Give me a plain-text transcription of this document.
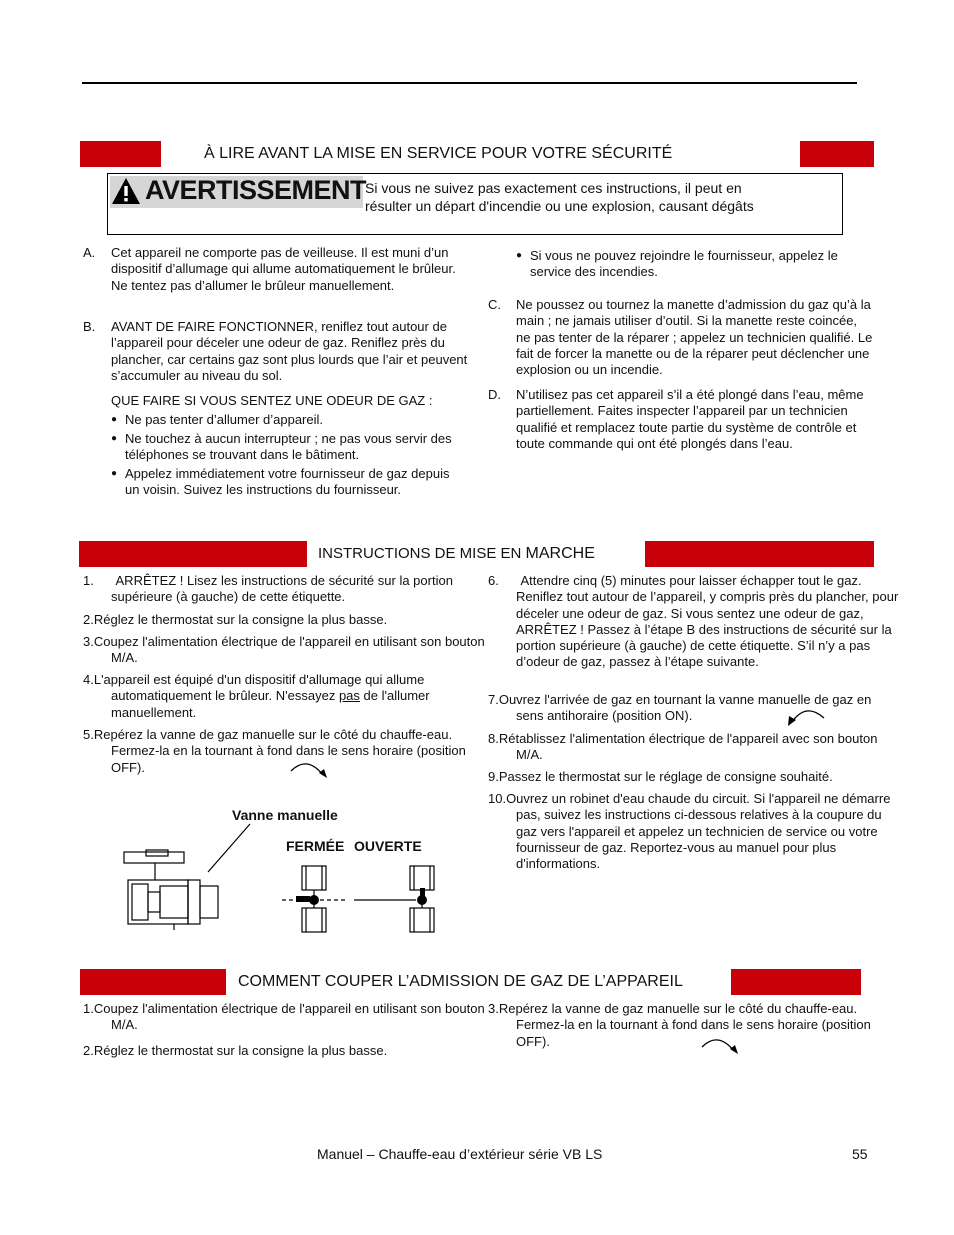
À LIRE AVANT LA MISE EN SERVICE POUR VOTRE SÉCURITÉ
AVERTISSEMENT
Si vous ne suivez pas exactement ces instructions, il peut en
résulter un départ d'incendie ou une explosion, causant dégâts
A. Cet appareil ne comporte pas de veilleuse. Il est muni d’un dispositif d’allumage qui allume automatiquement le brûleur. Ne tentez pas d’allumer le brûleur manuellement.
B. AVANT DE FAIRE FONCTIONNER, reniflez tout autour de l’appareil pour déceler une odeur de gaz. Reniflez près du plancher, car certains gaz sont plus lourds que l’air et peuvent s’accumuler au niveau du sol.
QUE FAIRE SI VOUS SENTEZ UNE ODEUR DE GAZ :
● Ne pas tenter d’allumer d’appareil.
● Ne touchez à aucun interrupteur ; ne pas vous servir des téléphones se trouvant dans le bâtiment.
● Appelez immédiatement votre fournisseur de gaz depuis un voisin. Suivez les instructions du fournisseur.
● Si vous ne pouvez rejoindre le fournisseur, appelez le service des incendies.
C. Ne poussez ou tournez la manette d’admission du gaz qu’à la main ; ne jamais utiliser d’outil. Si la manette reste coincée, ne pas tenter de la réparer ; appelez un technicien qualifié. Le fait de forcer la manette ou de la réparer peut déclencher une explosion ou un incendie.
D. N’utilisez pas cet appareil s’il a été plongé dans l’eau, même partiellement. Faites inspecter l’appareil par un technicien qualifié et remplacez toute partie du système de contrôle et toute commande qui ont été plongés dans l’eau.
INSTRUCTIONS DE MISE EN MARCHE
1.      ARRÊTEZ ! Lisez les instructions de sécurité sur la portion supérieure (à gauche) de cette étiquette.
2.Réglez le thermostat sur la consigne la plus basse.
3.Coupez l'alimentation électrique de l'appareil en utilisant son bouton M/A.
4.L'appareil est équipé d'un dispositif d'allumage qui allume automatiquement le brûleur. N'essayez pas de l'allumer manuellement.
5.Repérez la vanne de gaz manuelle sur le côté du chauffe-eau. Fermez-la en la tournant à fond dans le sens horaire (position OFF).
6.      Attendre cinq (5) minutes pour laisser échapper tout le gaz. Reniflez tout autour de l’appareil, y compris près du plancher, pour déceler une odeur de gaz. Si vous sentez une odeur de gaz, ARRÊTEZ ! Passez à l’étape B des instructions de sécurité sur la portion supérieure (à gauche) de cette étiquette. S’il n’y a pas d’odeur de gaz, passez à l’étape suivante.
7.Ouvrez l'arrivée de gaz en tournant la vanne manuelle de gaz en sens antihoraire (position ON).
8.Rétablissez l'alimentation électrique de l'appareil avec son bouton M/A.
9.Passez le thermostat sur le réglage de consigne souhaité.
10.Ouvrez un robinet d'eau chaude du circuit. Si l'appareil ne démarre pas, suivez les instructions ci-dessous relatives à la coupure du gaz vers l'appareil et appelez un technicien de service ou votre fournisseur de gaz. Reportez-vous au manuel pour plus d'informations.
Vanne manuelle
FERMÉE OUVERTE
COMMENT COUPER L’ADMISSION DE GAZ DE L’APPAREIL
1.Coupez l'alimentation électrique de l'appareil en utilisant son bouton M/A.
2.Réglez le thermostat sur la consigne la plus basse.
3.Repérez la vanne de gaz manuelle sur le côté du chauffe-eau. Fermez-la en la tournant à fond dans le sens horaire (position OFF).
Manuel – Chauffe-eau d’extérieur série VB LS	55
